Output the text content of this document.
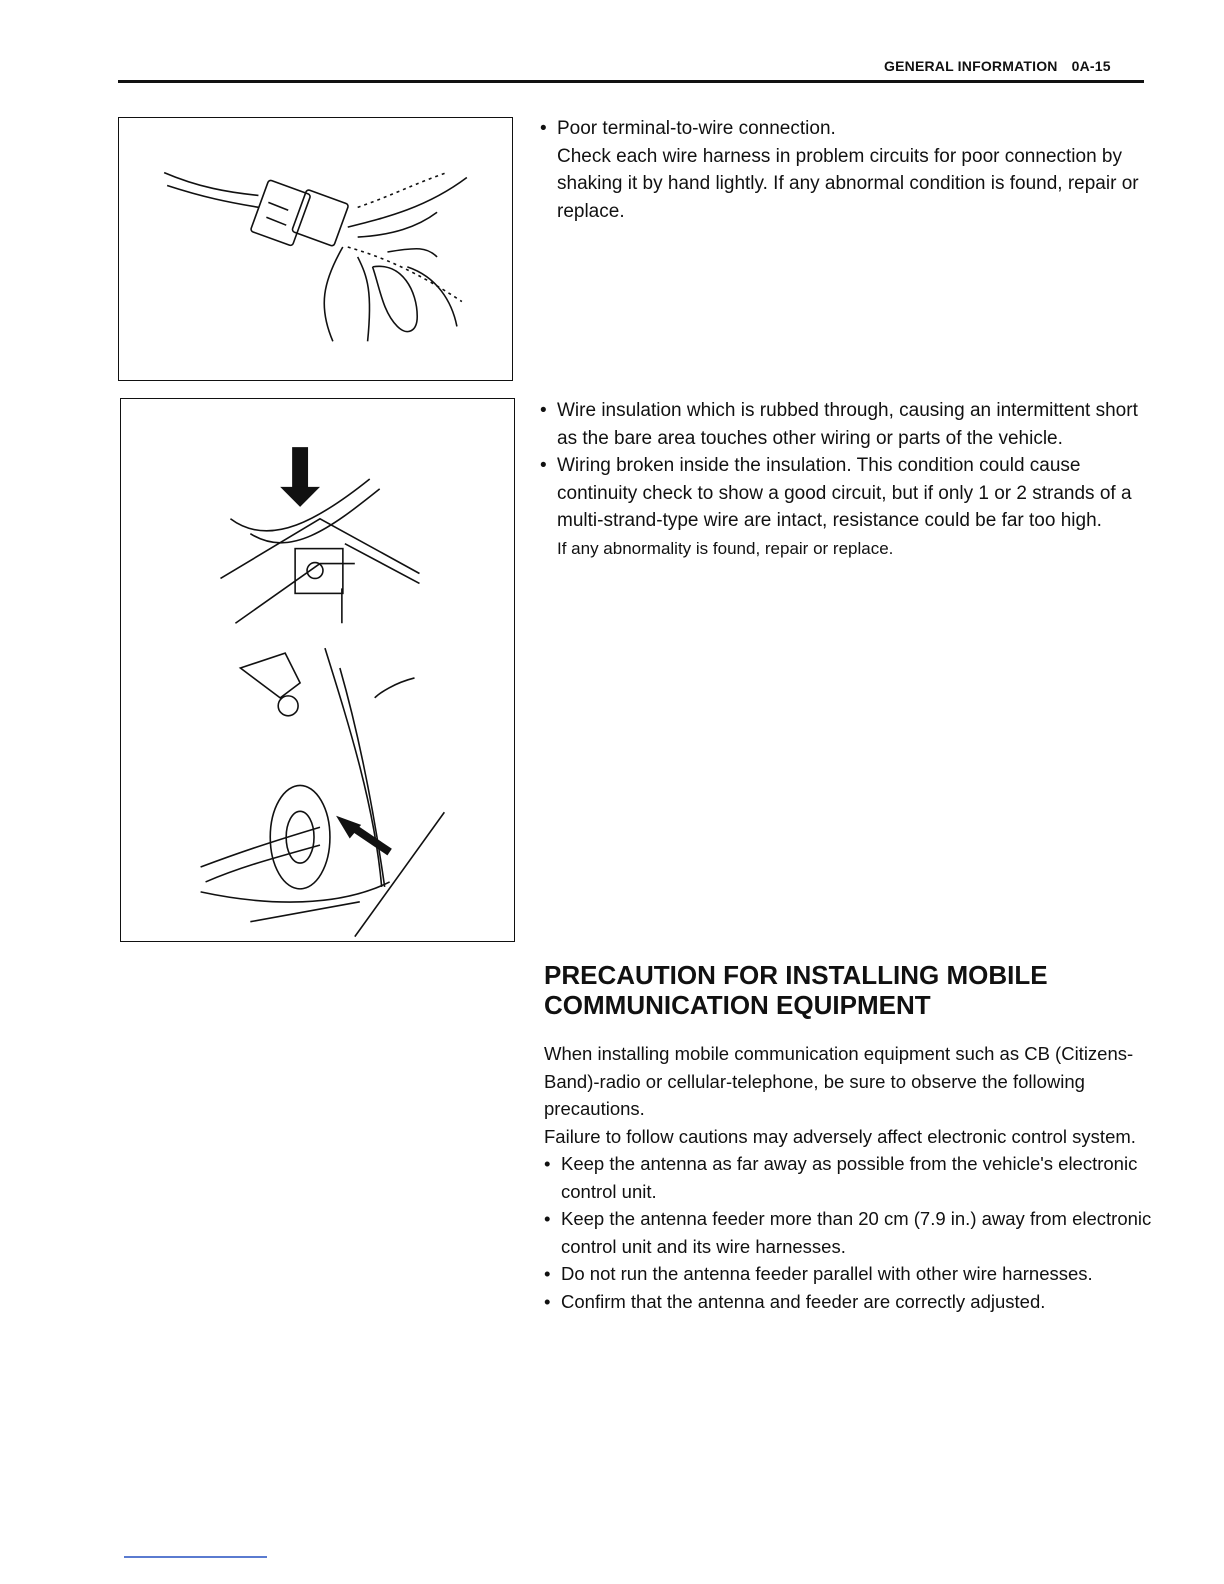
GENERAL INFORMATION 0A-15

• Poor terminal-to-wire connection.

Check each wire harness in problem circuits for poor connection by shaking it by hand lightly. If any abnormal condition is found, repair or replace.

• Wire insulation which is rubbed through, causing an intermittent short as the bare area touches other wiring or parts of the vehicle.

• Wiring broken inside the insulation. This condition could cause continuity check to show a good circuit, but if only 1 or 2 strands of a multi-strand-type wire are intact, resistance could be far too high.

If any abnormality is found, repair or replace.

PRECAUTION FOR INSTALLING MOBILE COMMUNICATION EQUIPMENT

When installing mobile communication equipment such as CB (Citizens-Band)-radio or cellular-telephone, be sure to observe the following precautions.

Failure to follow cautions may adversely affect electronic control system.

• Keep the antenna as far away as possible from the vehicle's electronic control unit.

• Keep the antenna feeder more than 20 cm (7.9 in.) away from electronic control unit and its wire harnesses.

• Do not run the antenna feeder parallel with other wire harnesses.

• Confirm that the antenna and feeder are correctly adjusted.
